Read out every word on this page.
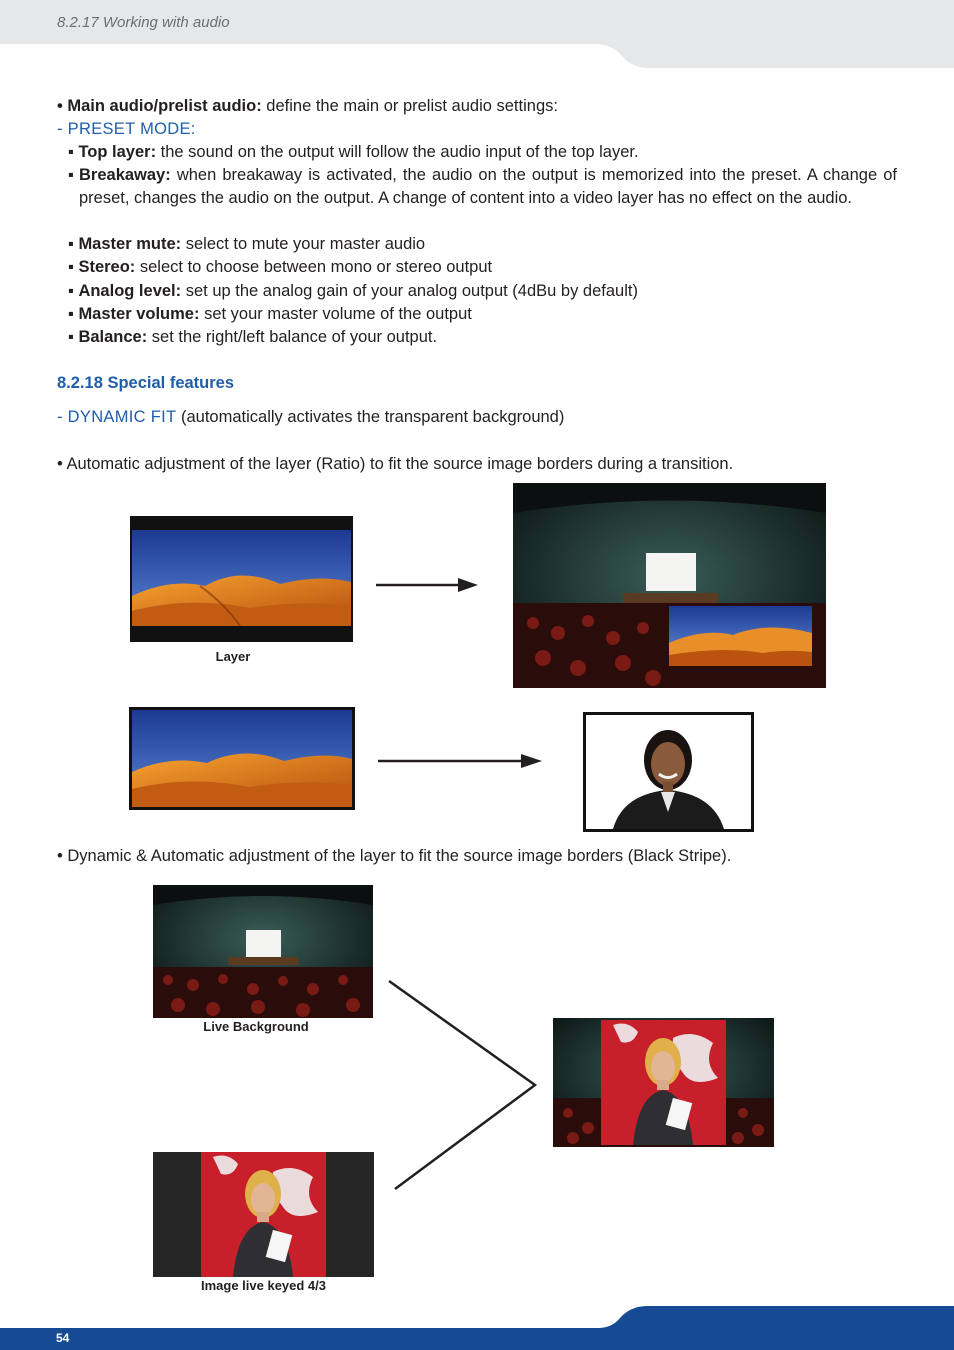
8.2.17 Working with audio
• Main audio/prelist audio: define the main or prelist audio settings:
- PRESET MODE:
▪ Top layer: the sound on the output will follow the audio input of the top layer.
▪ Breakaway: when breakaway is activated, the audio on the output is memorized into the preset. A change of preset, changes the audio on the output. A change of content into a video layer has no effect on the audio.
▪ Master mute: select to mute your master audio
▪ Stereo: select to choose between mono or stereo output
▪ Analog level: set up the analog gain of your analog output (4dBu by default)
▪ Master volume: set your master volume of the output
▪ Balance: set the right/left balance of your output.
8.2.18 Special features
- DYNAMIC FIT (automatically activates the transparent background)
• Automatic adjustment of the layer (Ratio) to fit the source image borders during a transition.
Layer
• Dynamic & Automatic adjustment of the layer to fit the source image borders (Black Stripe).
Live Background
Image live keyed 4/3
54
